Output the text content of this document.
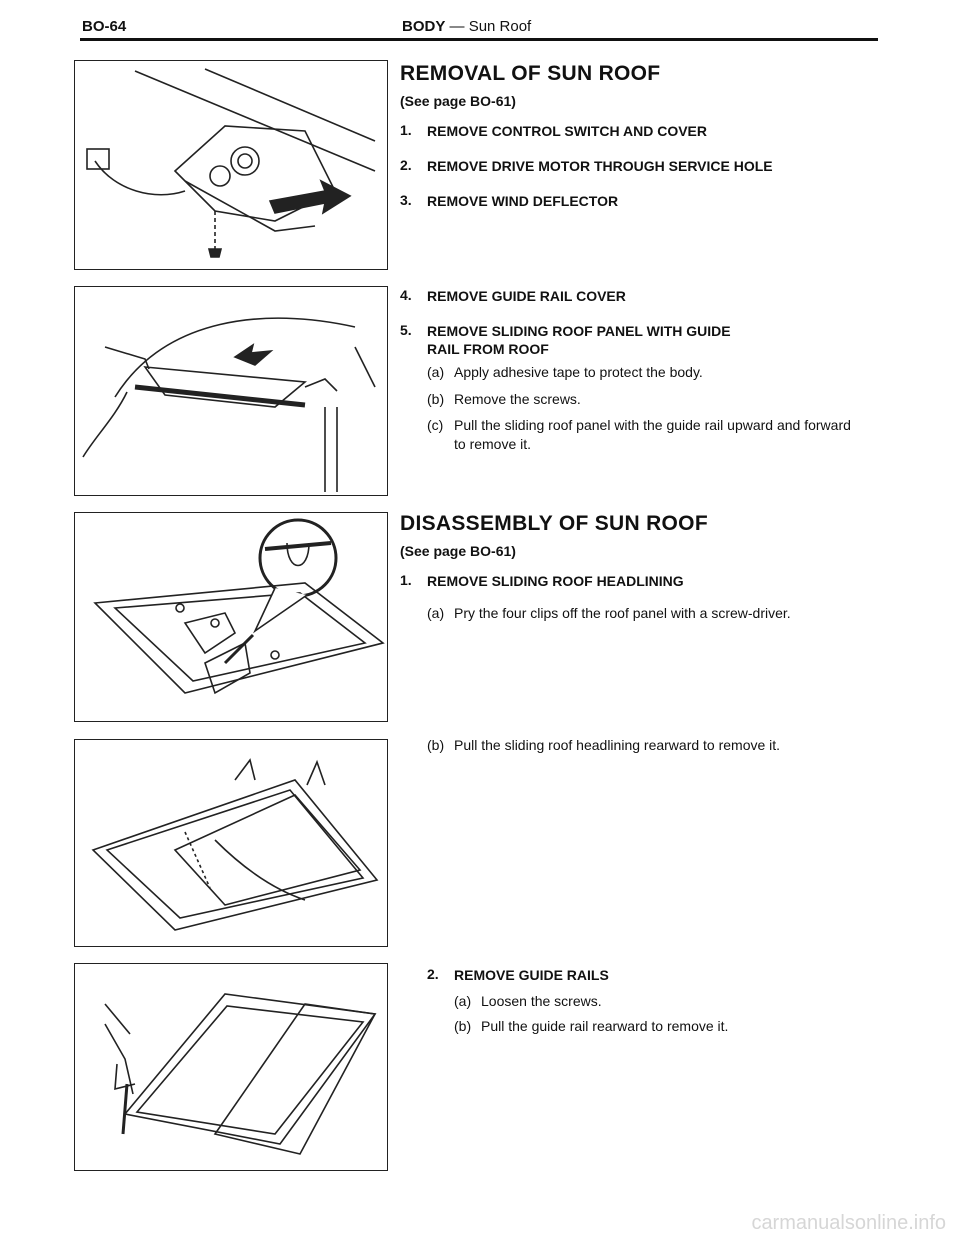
BO-64	BODY — Sun Roof
REMOVAL OF SUN ROOF
(See page BO-61)
1. REMOVE CONTROL SWITCH AND COVER
2. REMOVE DRIVE MOTOR THROUGH SERVICE HOLE
3. REMOVE WIND DEFLECTOR
4. REMOVE GUIDE RAIL COVER
5. REMOVE SLIDING ROOF PANEL WITH GUIDE RAIL FROM ROOF
(a) Apply adhesive tape to protect the body.
(b) Remove the screws.
(c) Pull the sliding roof panel with the guide rail upward and forward to remove it.
DISASSEMBLY OF SUN ROOF
(See page BO-61)
1. REMOVE SLIDING ROOF HEADLINING
(a) Pry the four clips off the roof panel with a screw-driver.
(b) Pull the sliding roof headlining rearward to remove it.
2. REMOVE GUIDE RAILS
(a) Loosen the screws.
(b) Pull the guide rail rearward to remove it.
carmanualsonline.info
